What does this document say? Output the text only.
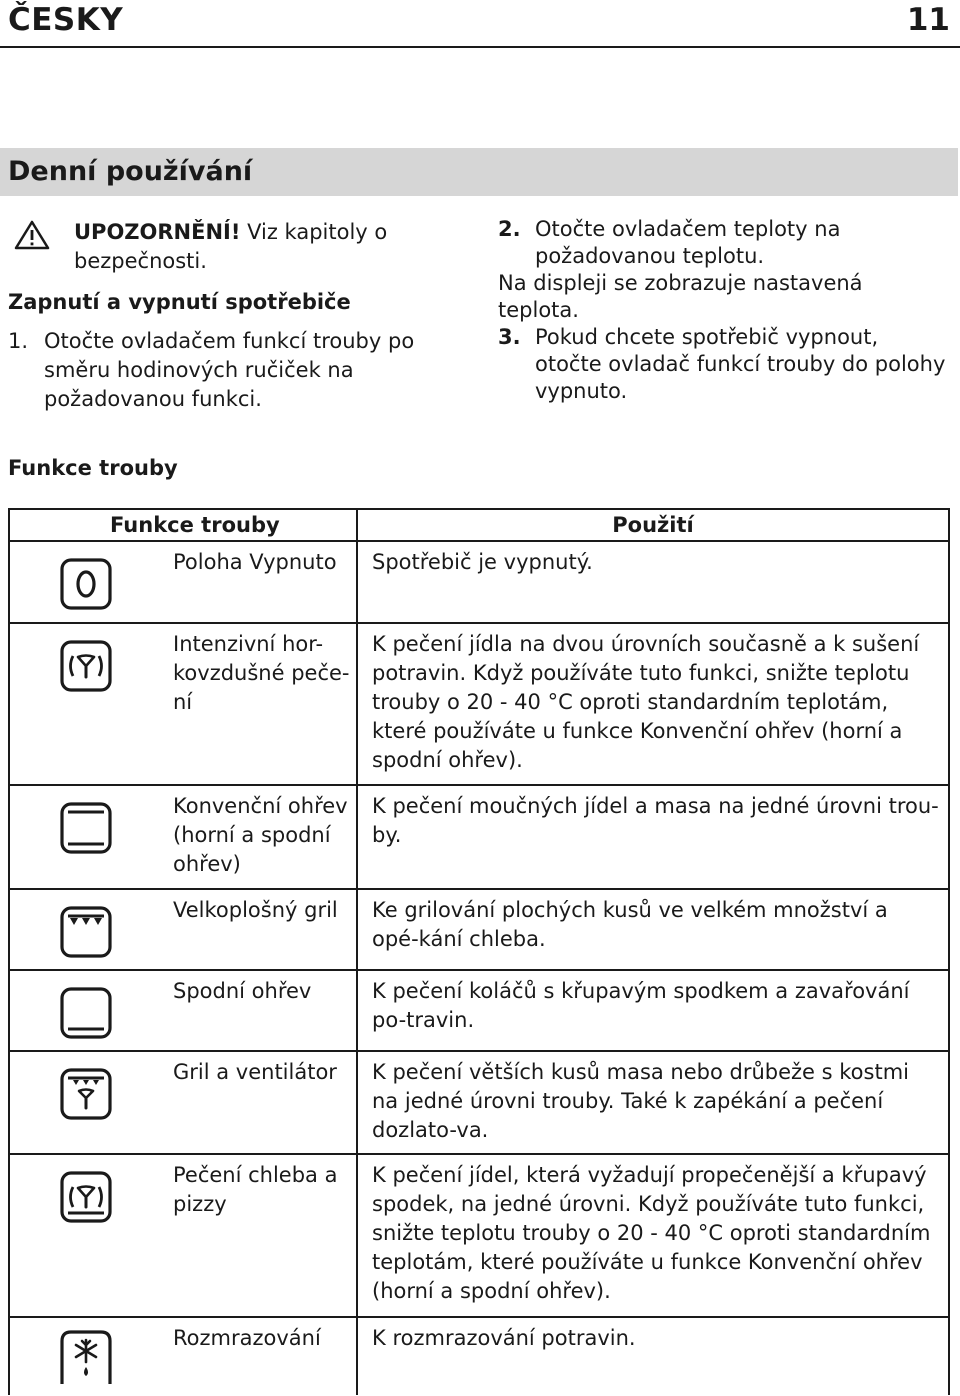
ČESKY	11
Denní používání
UPOZORNĚNÍ! Viz kapitoly o bezpečnosti.
Zapnutí a vypnutí spotřebiče
1. Otočte ovladačem funkcí trouby po směru hodinových ručiček na požadovanou funkci.
2. Otočte ovladačem teploty na požadovanou teplotu.
Na displeji se zobrazuje nastavená teplota.
3. Pokud chcete spotřebič vypnout, otočte ovladač funkcí trouby do polohy vypnuto.
Funkce trouby
Funkce trouby		Použití

	Poloha Vypnuto	Spotřebič je vypnutý.

	Intenzivní hor-kovzdušné peče-ní	K pečení jídla na dvou úrovních současně a k sušení potravin. Když používáte tuto funkci, snižte teplotu trouby o 20 - 40 °C oproti standardním teplotám, které používáte u funkce Konvenční ohřev (horní a spodní ohřev).

	Konvenční ohřev (horní a spodní ohřev)	K pečení moučných jídel a masa na jedné úrovni trou-by.

	Velkoplošný gril	Ke grilování plochých kusů ve velkém množství a opé-kání chleba.

	Spodní ohřev	K pečení koláčů s křupavým spodkem a zavařování po-travin.

	Gril a ventilátor	K pečení větších kusů masa nebo drůbeže s kostmi na jedné úrovni trouby. Také k zapékání a pečení dozlato-va.

	Pečení chleba a pizzy	K pečení jídel, která vyžadují propečenější a křupavý spodek, na jedné úrovni. Když používáte tuto funkci, snižte teplotu trouby o 20 - 40 °C oproti standardním teplotám, které používáte u funkce Konvenční ohřev (horní a spodní ohřev).

	Rozmrazování	K rozmrazování potravin.
